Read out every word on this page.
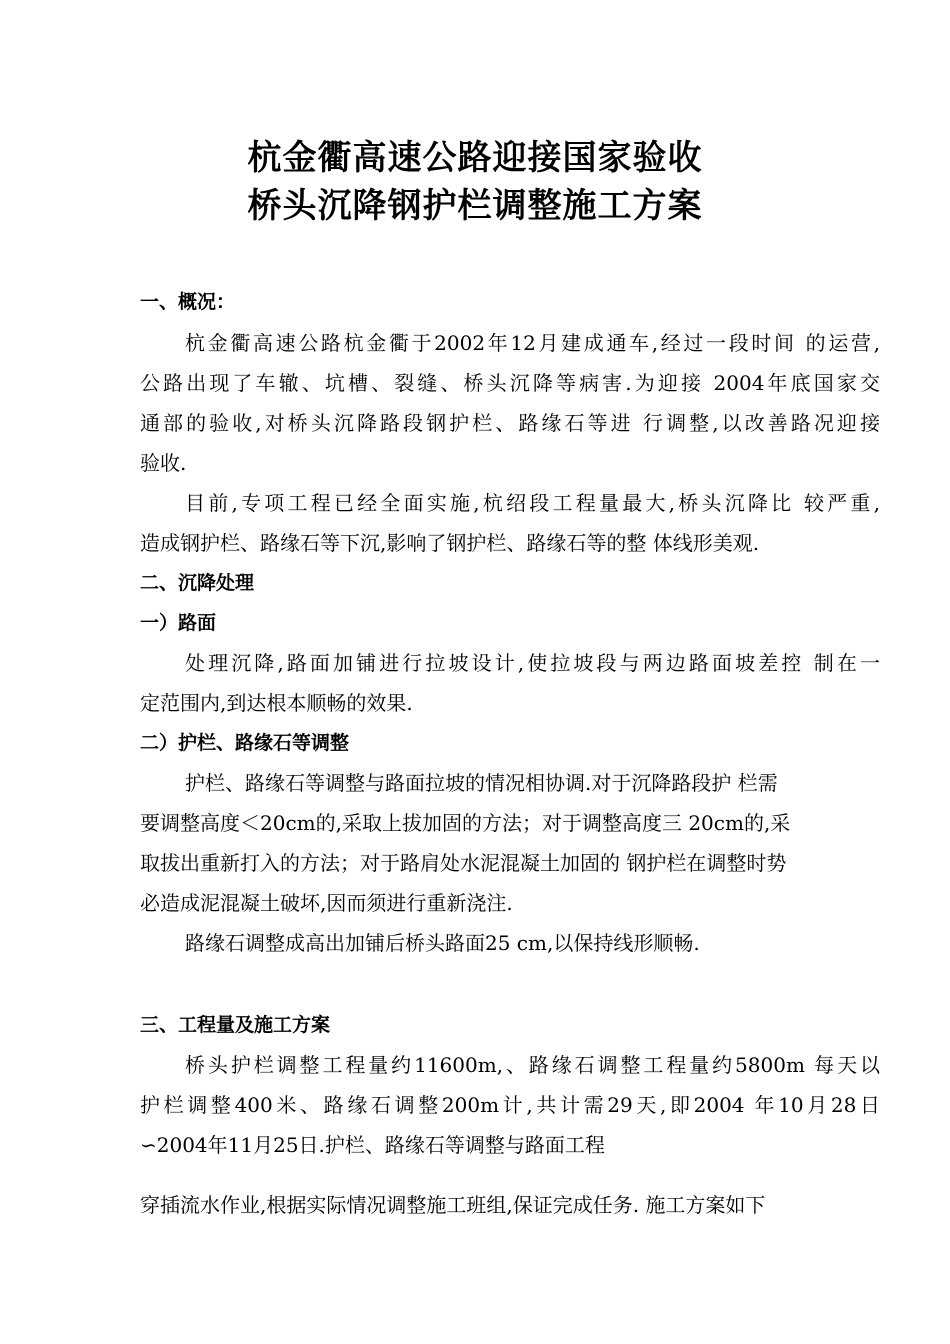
杭金衢高速公路迎接国家验收
桥头沉降钢护栏调整施工方案
一、概况：
杭金衢高速公路杭金衢于2002年12月建成通车,经过一段时间 的运营,
公路出现了车辙、坑槽、裂缝、桥头沉降等病害.为迎接 2004年底国家交
通部的验收,对桥头沉降路段钢护栏、路缘石等进 行调整,以改善路况迎接
验收.
目前,专项工程已经全面实施,杭绍段工程量最大,桥头沉降比 较严重,
造成钢护栏、路缘石等下沉,影响了钢护栏、路缘石等的整 体线形美观.
二、沉降处理
一）路面
处理沉降,路面加铺进行拉坡设计,使拉坡段与两边路面坡差控 制在一
定范围内,到达根本顺畅的效果.
二）护栏、路缘石等调整
护栏、路缘石等调整与路面拉坡的情况相协调.对于沉降路段护 栏需
要调整高度＜20cm的,采取上拔加固的方法；对于调整高度三 20cm的,采
取拔出重新打入的方法；对于路肩处水泥混凝土加固的 钢护栏在调整时势
必造成泥混凝土破坏,因而须进行重新浇注.
路缘石调整成高出加铺后桥头路面25 cm,以保持线形顺畅.
三、工程量及施工方案
桥头护栏调整工程量约11600m,、路缘石调整工程量约5800m 每天以
护栏调整400米、路缘石调整200m计,共计需29天,即2004 年10月28日
∽2004年11月25日.护栏、路缘石等调整与路面工程
穿插流水作业,根据实际情况调整施工班组,保证完成任务. 施工方案如下
